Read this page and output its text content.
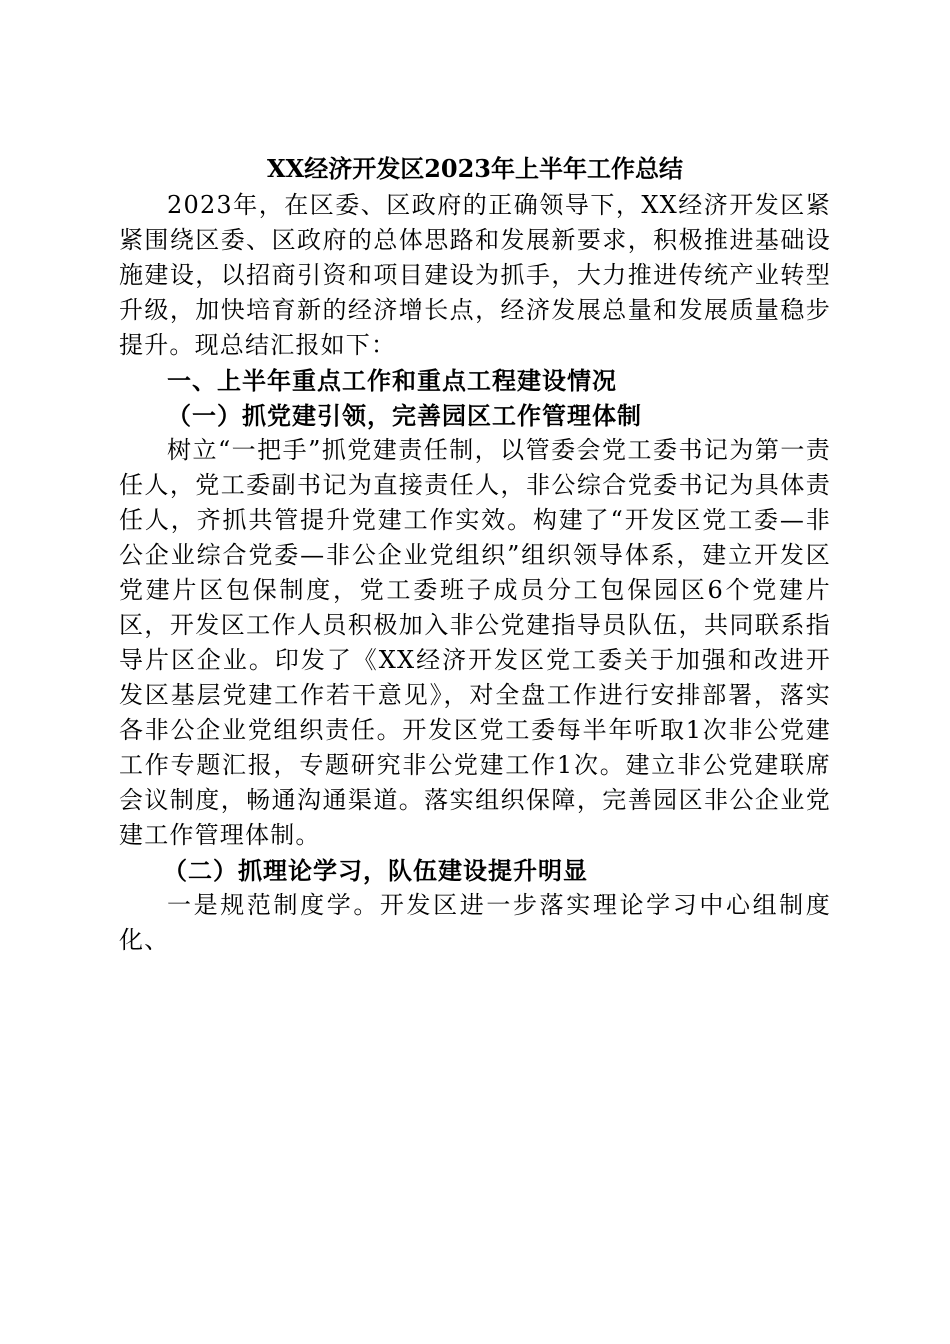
XX经济开发区2023年上半年工作总结

2023年，在区委、区政府的正确领导下，XX经济开发区紧紧围绕区委、区政府的总体思路和发展新要求，积极推进基础设施建设，以招商引资和项目建设为抓手，大力推进传统产业转型升级，加快培育新的经济增长点，经济发展总量和发展质量稳步提升。现总结汇报如下：

一、上半年重点工作和重点工程建设情况

（一）抓党建引领，完善园区工作管理体制

树立“一把手”抓党建责任制，以管委会党工委书记为第一责任人，党工委副书记为直接责任人，非公综合党委书记为具体责任人，齐抓共管提升党建工作实效。构建了“开发区党工委—非公企业综合党委—非公企业党组织”组织领导体系，建立开发区党建片区包保制度，党工委班子成员分工包保园区6个党建片区，开发区工作人员积极加入非公党建指导员队伍，共同联系指导片区企业。印发了《XX经济开发区党工委关于加强和改进开发区基层党建工作若干意见》，对全盘工作进行安排部署，落实各非公企业党组织责任。开发区党工委每半年听取1次非公党建工作专题汇报，专题研究非公党建工作1次。建立非公党建联席会议制度，畅通沟通渠道。落实组织保障，完善园区非公企业党建工作管理体制。

（二）抓理论学习，队伍建设提升明显

一是规范制度学。开发区进一步落实理论学习中心组制度化、
